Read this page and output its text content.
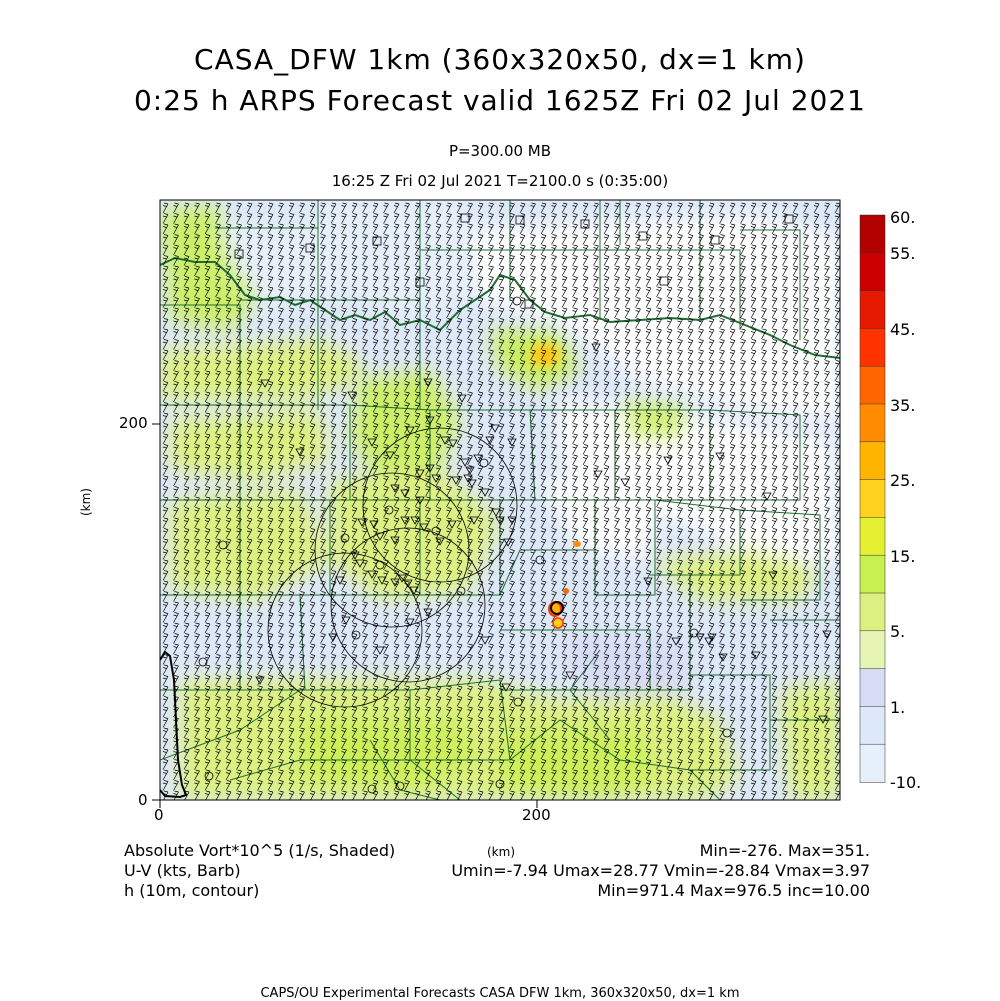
CASA_DFW 1km (360x320x50, dx=1 km)
0:25 h ARPS Forecast valid 1625Z Fri 02 Jul 2021
P=300.00 MB
16:25 Z Fri 02 Jul 2021 T=2100.0 s (0:35:00)
(km)
200
0
0	200
60.
55.
45.
35.
25.
15.
5.
1.
-10.
Absolute Vort*10^5 (1/s, Shaded)
U-V (kts, Barb)
h (10m, contour)
(km)	Min=-276. Max=351.
Umin=-7.94 Umax=28.77 Vmin=-28.84 Vmax=3.97
Min=971.4 Max=976.5 inc=10.00
CAPS/OU Experimental Forecasts CASA DFW 1km, 360x320x50, dx=1 km
